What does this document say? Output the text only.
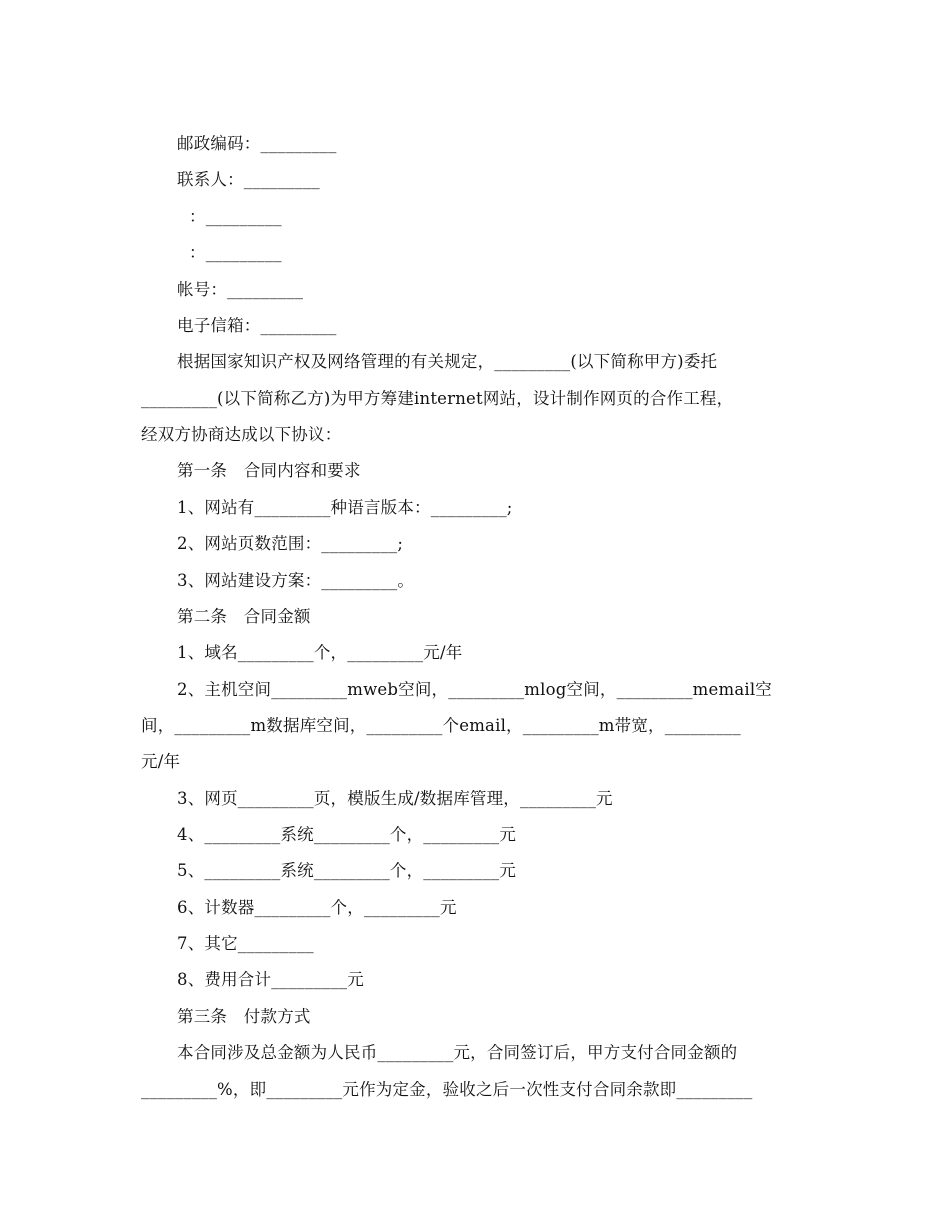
邮政编码：_________
联系人：_________
：_________
：_________
帐号：_________
电子信箱：_________
根据国家知识产权及网络管理的有关规定，_________(以下简称甲方)委托
_________(以下简称乙方)为甲方筹建internet网站，设计制作网页的合作工程，
经双方协商达成以下协议：
第一条　合同内容和要求
1、网站有_________种语言版本：_________;
2、网站页数范围：_________;
3、网站建设方案：_________。
第二条　合同金额
1、域名_________个，_________元/年
2、主机空间_________mweb空间，_________mlog空间，_________memail空
间，_________m数据库空间，_________个email，_________m带宽，_________
元/年
3、网页_________页，模版生成/数据库管理，_________元
4、_________系统_________个，_________元
5、_________系统_________个，_________元
6、计数器_________个，_________元
7、其它_________
8、费用合计_________元
第三条　付款方式
本合同涉及总金额为人民币_________元，合同签订后，甲方支付合同金额的
_________%，即_________元作为定金，验收之后一次性支付合同余款即_________
